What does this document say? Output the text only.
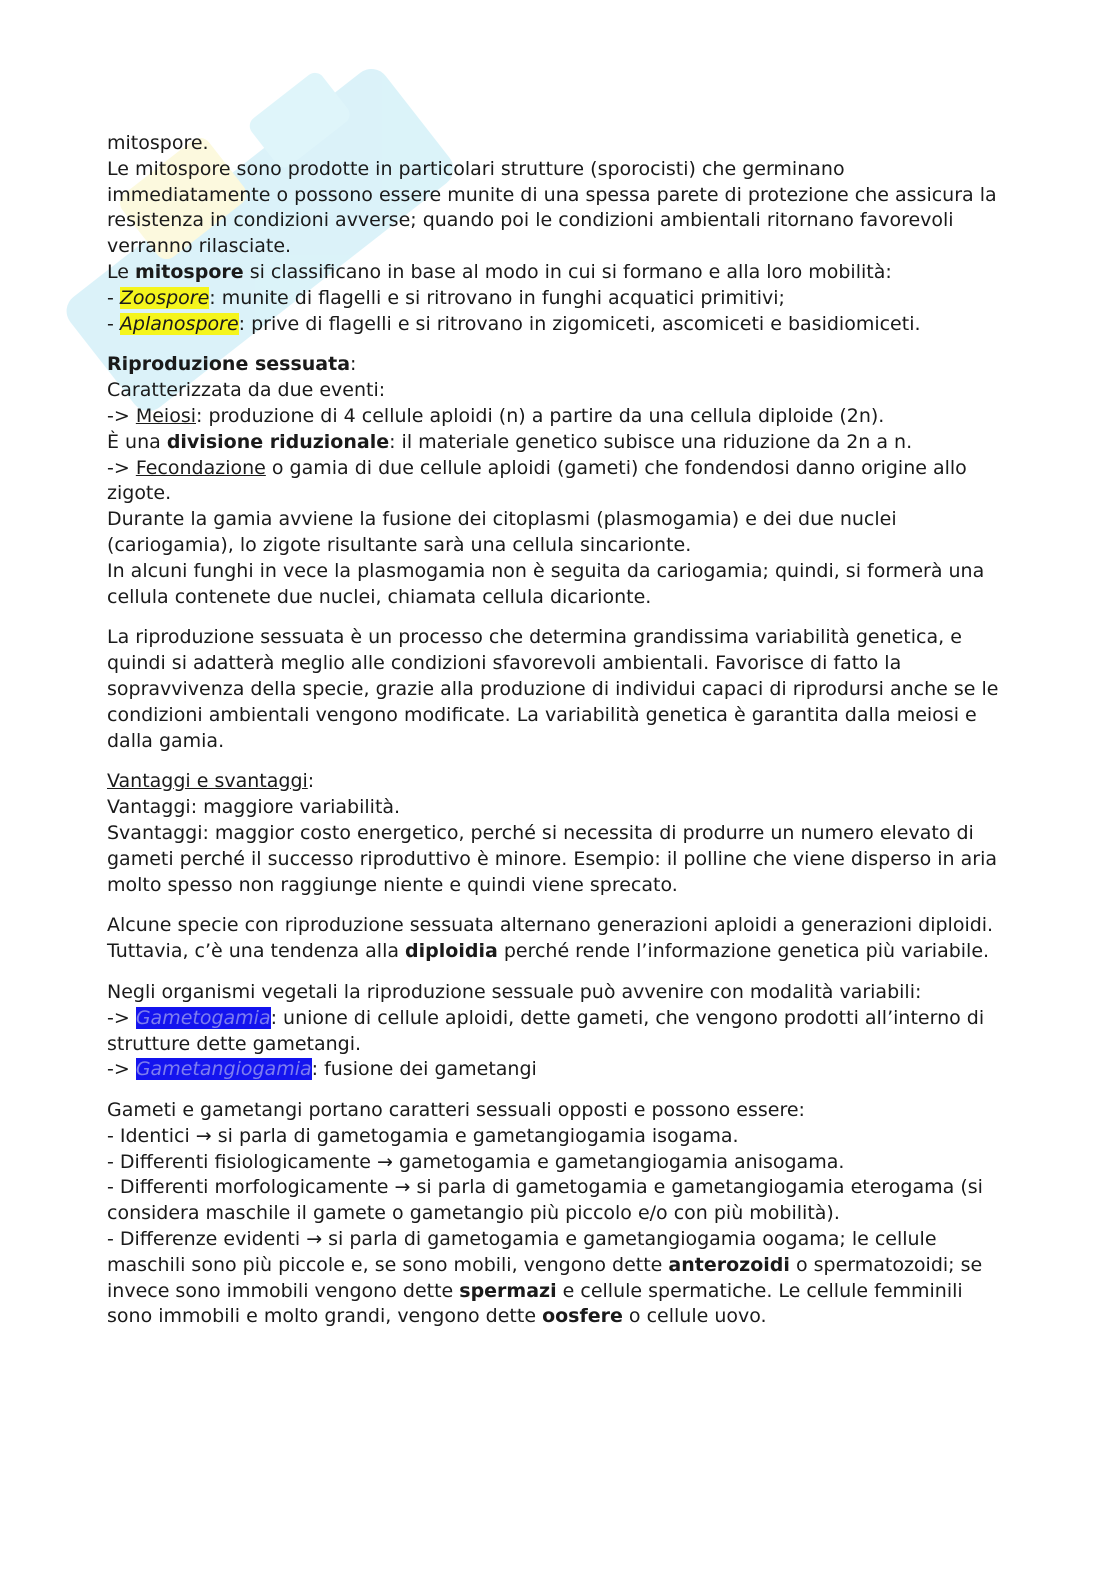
mitospore.

Le mitospore sono prodotte in particolari strutture (sporocisti) che germinano immediatamente o possono essere munite di una spessa parete di protezione che assicura la resistenza in condizioni avverse; quando poi le condizioni ambientali ritornano favorevoli verranno rilasciate.

Le mitospore si classificano in base al modo in cui si formano e alla loro mobilità:

- Zoospore: munite di flagelli e si ritrovano in funghi acquatici primitivi;

- Aplanospore: prive di flagelli e si ritrovano in zigomiceti, ascomiceti e basidiomiceti.

Riproduzione sessuata:

Caratterizzata da due eventi:

-> Meiosi: produzione di 4 cellule aploidi (n) a partire da una cellula diploide (2n).

È una divisione riduzionale: il materiale genetico subisce una riduzione da 2n a n.

-> Fecondazione o gamia di due cellule aploidi (gameti) che fondendosi danno origine allo zigote.

Durante la gamia avviene la fusione dei citoplasmi (plasmogamia) e dei due nuclei (cariogamia), lo zigote risultante sarà una cellula sincarionte.

In alcuni funghi in vece la plasmogamia non è seguita da cariogamia; quindi, si formerà una cellula contenete due nuclei, chiamata cellula dicarionte.

La riproduzione sessuata è un processo che determina grandissima variabilità genetica, e quindi si adatterà meglio alle condizioni sfavorevoli ambientali. Favorisce di fatto la sopravvivenza della specie, grazie alla produzione di individui capaci di riprodursi anche se le condizioni ambientali vengono modificate. La variabilità genetica è garantita dalla meiosi e dalla gamia.

Vantaggi e svantaggi:

Vantaggi: maggiore variabilità.

Svantaggi: maggior costo energetico, perché si necessita di produrre un numero elevato di gameti perché il successo riproduttivo è minore. Esempio: il polline che viene disperso in aria molto spesso non raggiunge niente e quindi viene sprecato.

Alcune specie con riproduzione sessuata alternano generazioni aploidi a generazioni diploidi. Tuttavia, c’è una tendenza alla diploidia perché rende l’informazione genetica più variabile.

Negli organismi vegetali la riproduzione sessuale può avvenire con modalità variabili:

-> Gametogamia: unione di cellule aploidi, dette gameti, che vengono prodotti all’interno di strutture dette gametangi.

-> Gametangiogamia: fusione dei gametangi

Gameti e gametangi portano caratteri sessuali opposti e possono essere:

- Identici → si parla di gametogamia e gametangiogamia isogama.

- Differenti fisiologicamente → gametogamia e gametangiogamia anisogama.

- Differenti morfologicamente → si parla di gametogamia e gametangiogamia eterogama (si considera maschile il gamete o gametangio più piccolo e/o con più mobilità).

- Differenze evidenti → si parla di gametogamia e gametangiogamia oogama; le cellule maschili sono più piccole e, se sono mobili, vengono dette anterozoidi o spermatozoidi; se invece sono immobili vengono dette spermazi e cellule spermatiche. Le cellule femminili sono immobili e molto grandi, vengono dette oosfere o cellule uovo.
